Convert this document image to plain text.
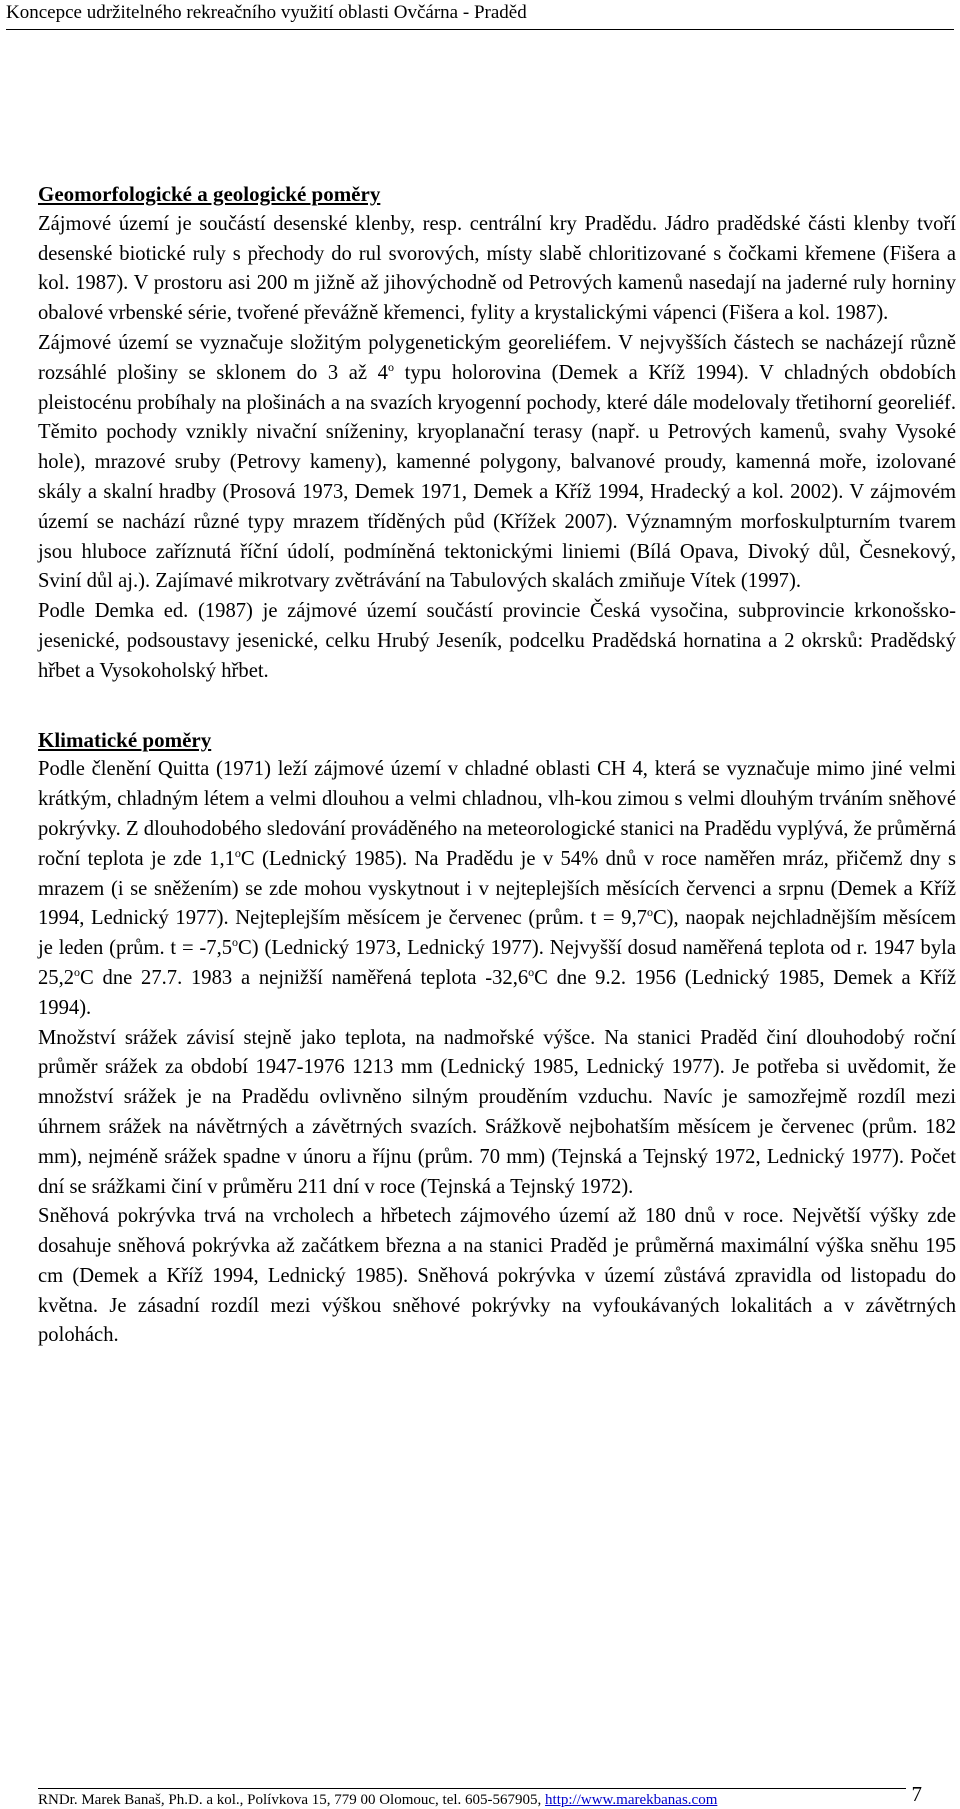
Koncepce udržitelného rekreačního využití oblasti Ovčárna - Praděd
Geomorfologické a geologické poměry

Zájmové území je součástí desenské klenby, resp. centrální kry Pradědu. Jádro pradědské části klenby tvoří desenské biotické ruly s přechody do rul svorových, místy slabě chloritizované s čočkami křemene (Fišera a kol. 1987). V prostoru asi 200 m jižně až jihovýchodně od Petrových kamenů nasedají na jaderné ruly horniny obalové vrbenské série, tvořené převážně křemenci, fylity a krystalickými vápenci (Fišera a kol. 1987).

Zájmové území se vyznačuje složitým polygenetickým georeliéfem. V nejvyšších částech se nacházejí různě rozsáhlé plošiny se sklonem do 3 až 4$^o$ typu holorovina (Demek a Kříž 1994). V chladných obdobích pleistocénu probíhaly na plošinách a na svazích kryogenní pochody, které dále modelovaly třetihorní georeliéf. Těmito pochody vznikly nivační sníženiny, kryoplanační terasy (např. u Petrových kamenů, svahy Vysoké hole), mrazové sruby (Petrovy kameny), kamenné polygony, balvanové proudy, kamenná moře, izolované skály a skalní hradby (Prosová 1973, Demek 1971, Demek a Kříž 1994, Hradecký a kol. 2002). V zájmovém území se nachází různé typy mrazem tříděných půd (Křížek 2007). Významným morfoskulpturním tvarem jsou hluboce zaříznutá říční údolí, podmíněná tektonickými liniemi (Bílá Opava, Divoký důl, Česnekový, Sviní důl aj.). Zajímavé mikrotvary zvětrávání na Tabulových skalách zmiňuje Vítek (1997).

Podle Demka ed. (1987) je zájmové území součástí provincie Česká vysočina, subprovincie krkonošsko-jesenické, podsoustavy jesenické, celku Hrubý Jeseník, podcelku Pradědská hornatina a 2 okrsků: Pradědský hřbet a Vysokoholský hřbet.

Klimatické poměry

Podle členění Quitta (1971) leží zájmové území v chladné oblasti CH 4, která se vyznačuje mimo jiné velmi krátkým, chladným létem a velmi dlouhou a velmi chladnou, vlh-kou zimou s velmi dlouhým trváním sněhové pokrývky. Z dlouhodobého sledování prováděného na meteorologické stanici na Pradědu vyplývá, že průměrná roční teplota je zde 1,1$^o$C (Lednický 1985). Na Pradědu je v 54% dnů v roce naměřen mráz, přičemž dny s mrazem (i se sněžením) se zde mohou vyskytnout i v nejteplejších měsících červenci a srpnu (Demek a Kříž 1994, Lednický 1977). Nejteplejším měsícem je červenec (prům. $t = 9,7^oC$), naopak nejchladnějším měsícem je leden (prům. $t = -7,5^oC$) (Lednický 1973, Lednický 1977). Nejvyšší dosud naměřená teplota od r. 1947 byla 25,2$^o$C dne 27.7. 1983 a nejnižší naměřená teplota -32,6$^o$C dne 9.2. 1956 (Lednický 1985, Demek a Kříž 1994).

Množství srážek závisí stejně jako teplota, na nadmořské výšce. Na stanici Praděd činí dlouhodobý roční průměr srážek za období 1947-1976 1213 mm (Lednický 1985, Lednický 1977). Je potřeba si uvědomit, že množství srážek je na Pradědu ovlivněno silným prouděním vzduchu. Navíc je samozřejmě rozdíl mezi úhrnem srážek na návětrných a závětrných svazích. Srážkově nejbohatším měsícem je červenec (prům. 182 mm), nejméně srážek spadne v únoru a říjnu (prům. 70 mm) (Tejnská a Tejnský 1972, Lednický 1977). Počet dní se srážkami činí v průměru 211 dní v roce (Tejnská a Tejnský 1972).

Sněhová pokrývka trvá na vrcholech a hřbetech zájmového území až 180 dnů v roce. Největší výšky zde dosahuje sněhová pokrývka až začátkem března a na stanici Praděd je průměrná maximální výška sněhu 195 cm (Demek a Kříž 1994, Lednický 1985). Sněhová pokrývka v území zůstává zpravidla od listopadu do května. Je zásadní rozdíl mezi výškou sněhové pokrývky na vyfoukávaných lokalitách a v závětrných polohách.

RNDr. Marek Banaš, Ph.D. a kol., Polívkova 15, 779 00 Olomouc, tel. 605-567905, http://www.marekbanas.com	7
